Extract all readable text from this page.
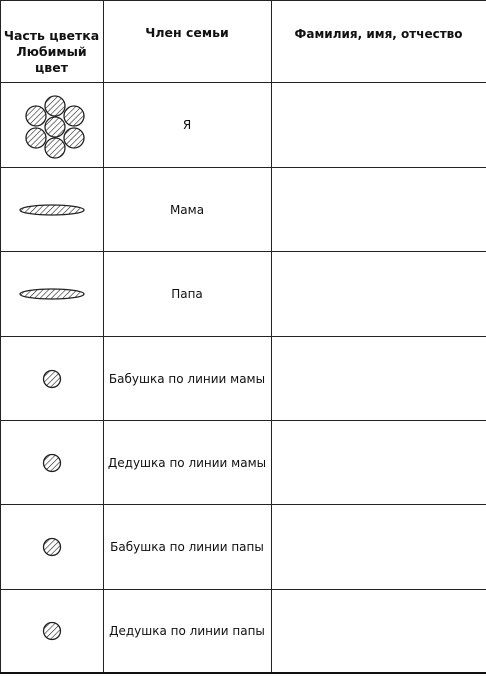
Часть цветка
Любимый цвет
Член семьи	Фамилия, имя, отчество
Я
Мама
Папа
Бабушка по линии мамы
Дедушка по линии мамы
Бабушка по линии папы
Дедушка по линии папы
